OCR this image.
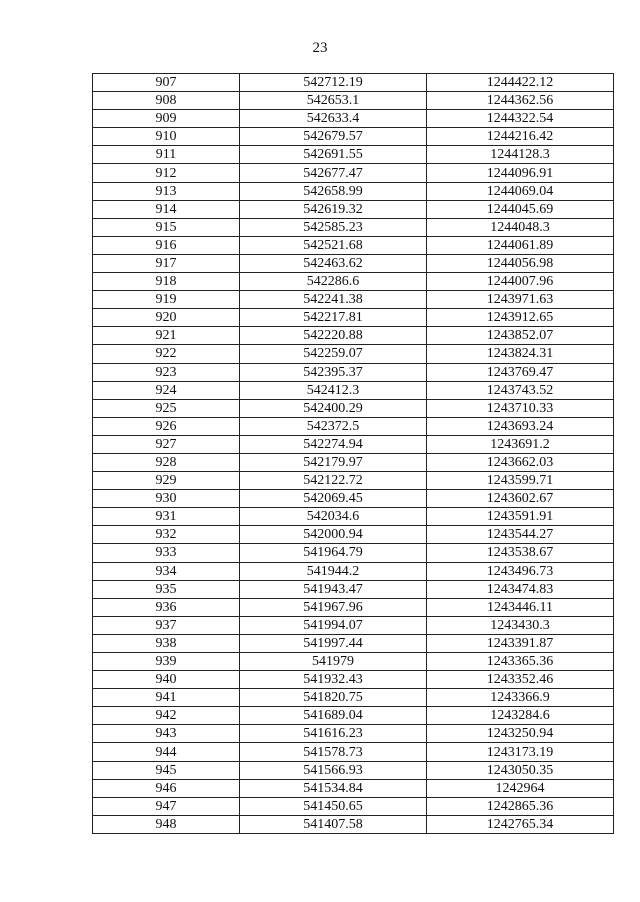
23
907	542712.19	1244422.12
908	542653.1	1244362.56
909	542633.4	1244322.54
910	542679.57	1244216.42
911	542691.55	1244128.3
912	542677.47	1244096.91
913	542658.99	1244069.04
914	542619.32	1244045.69
915	542585.23	1244048.3
916	542521.68	1244061.89
917	542463.62	1244056.98
918	542286.6	1244007.96
919	542241.38	1243971.63
920	542217.81	1243912.65
921	542220.88	1243852.07
922	542259.07	1243824.31
923	542395.37	1243769.47
924	542412.3	1243743.52
925	542400.29	1243710.33
926	542372.5	1243693.24
927	542274.94	1243691.2
928	542179.97	1243662.03
929	542122.72	1243599.71
930	542069.45	1243602.67
931	542034.6	1243591.91
932	542000.94	1243544.27
933	541964.79	1243538.67
934	541944.2	1243496.73
935	541943.47	1243474.83
936	541967.96	1243446.11
937	541994.07	1243430.3
938	541997.44	1243391.87
939	541979	1243365.36
940	541932.43	1243352.46
941	541820.75	1243366.9
942	541689.04	1243284.6
943	541616.23	1243250.94
944	541578.73	1243173.19
945	541566.93	1243050.35
946	541534.84	1242964
947	541450.65	1242865.36
948	541407.58	1242765.34
